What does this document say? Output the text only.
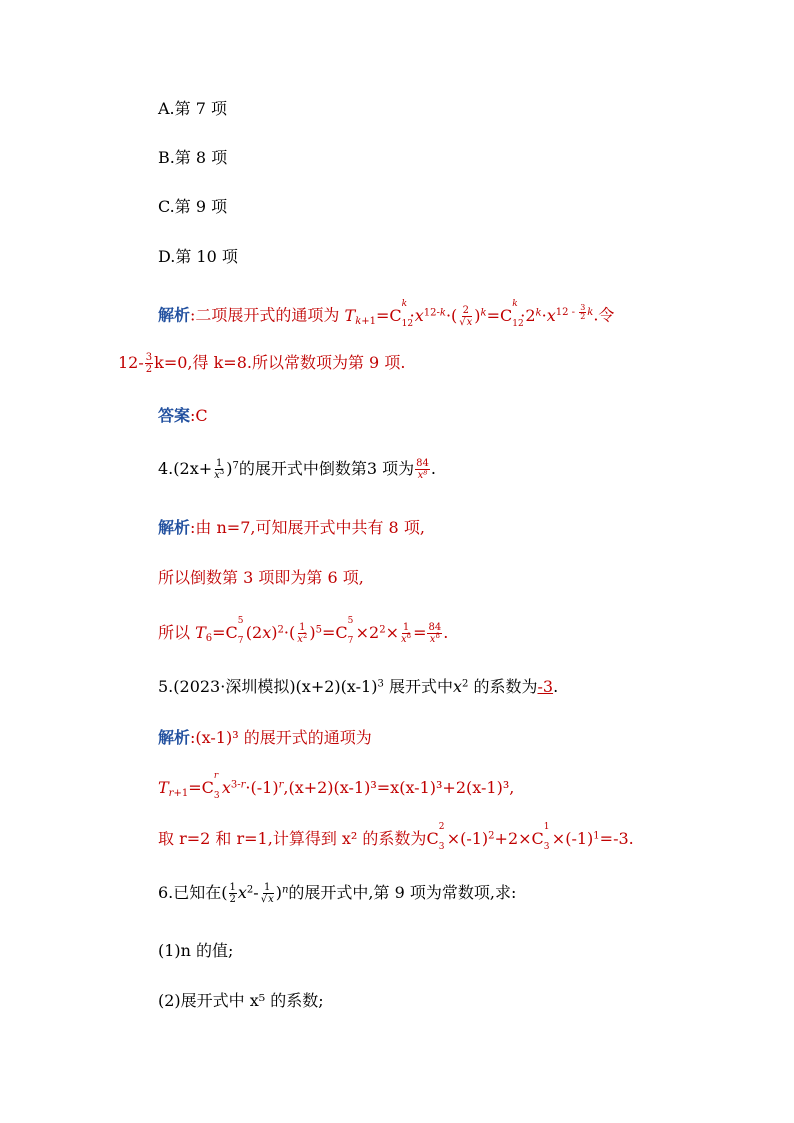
A.第 7 项
B.第 8 项
C.第 9 项
D.第 10 项
解析:二项展开式的通项为 $T_{k+1}=C$
k
12
$\cdot x^{12-k}\cdot( \frac{2}{√x} )^k=C$
k
12
$\cdot 2^k\cdot x^{12 - \frac{3}{2} k}$.令
$12- \frac{3}{2} k=0$,得 k=8.所以常数项为第 9 项.
答案:C
$4.(2x+ \frac{1}{x^3} )^7$的展开式中倒数第3 项为 $\frac{84}{\text{x⁸}}$ .
解析:由 n=7,可知展开式中共有 8 项,
所以倒数第 3 项即为第 6 项,
所以 $T_6=C$
5
7 $(2x)^2\cdot( \frac{1}{x^2} )^5=C$
5
$7 \times 2^2\times \frac{1}{x^8} = \frac{84}{x^8}$ .
5.(2023·深圳模拟)$(x+2)(x-1)^3$ 展开式中$x^2$ 的系数为-3.
解析:(x-1)³ 的展开式的通项为
$T_{r+1}=C$
r
3 $x^{3-r}\cdot(-1)^r,(x+2)(x-1)^3=x(x-1)^3+2(x-1)^3$,
取 r=2 和 r=1,计算得到 x² 的系数为C
2
$3 \times(-1)^2+2\times C$
1
$3 \times(-1)^1=-3$.
6.已知在( $\frac{1}{2} x^2- \frac{1}{√x} )^n$的展开式中,第 9 项为常数项,求:
(1)n 的值;
(2)展开式中 x⁵ 的系数;
